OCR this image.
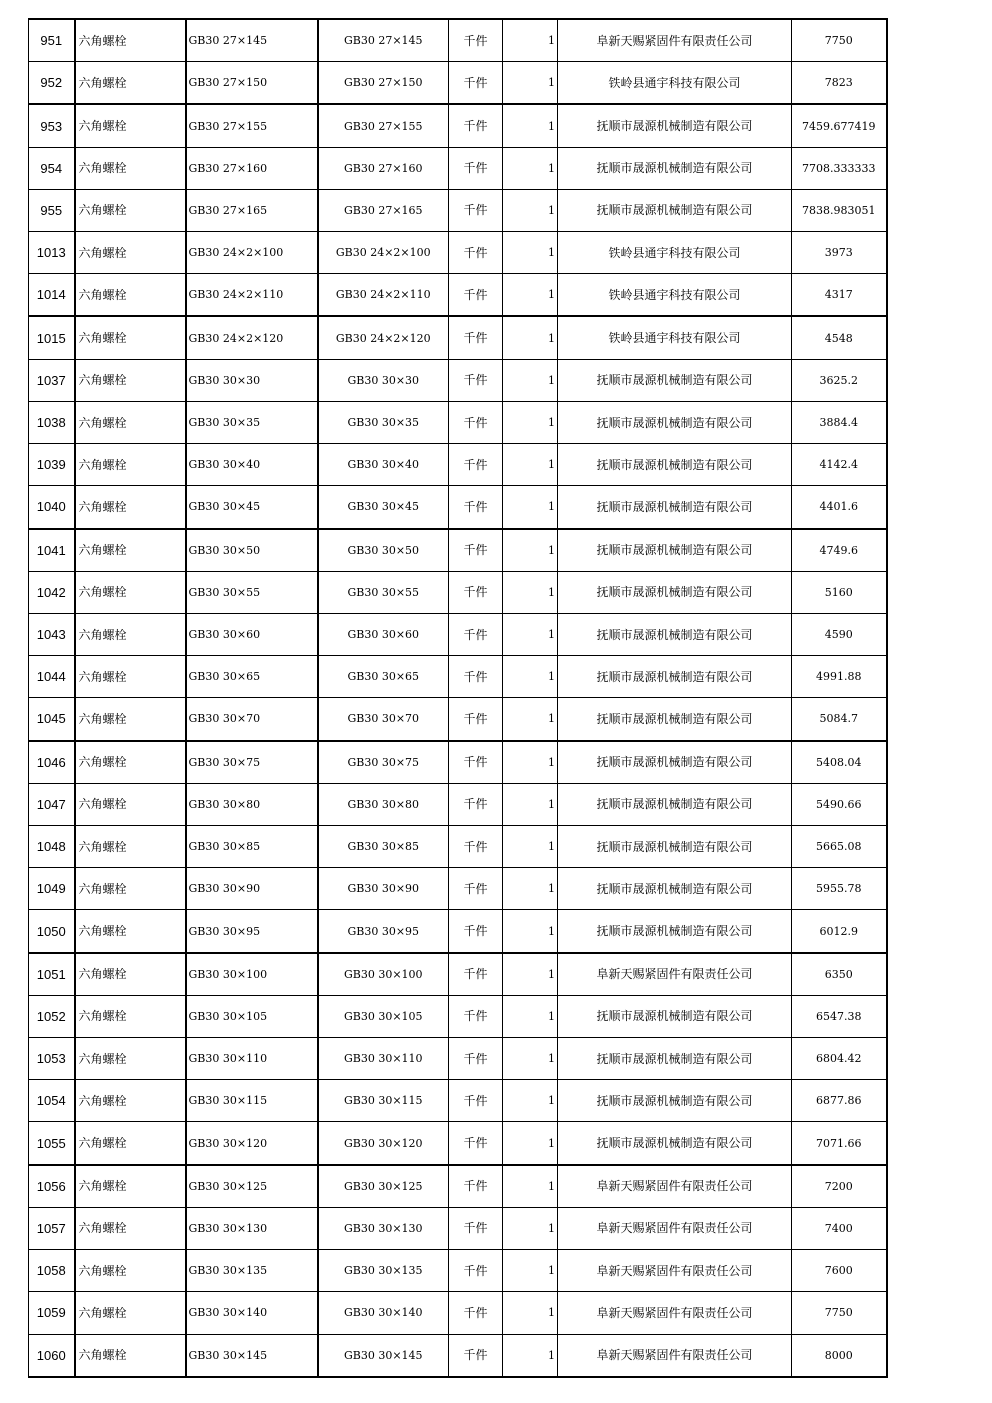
951	六角螺栓	GB30 27×145	GB30 27×145	千件	1	阜新天赐紧固件有限责任公司	7750
952	六角螺栓	GB30 27×150	GB30 27×150	千件	1	铁岭县通宇科技有限公司	7823
953	六角螺栓	GB30 27×155	GB30 27×155	千件	1	抚顺市晟源机械制造有限公司	7459.677419
954	六角螺栓	GB30 27×160	GB30 27×160	千件	1	抚顺市晟源机械制造有限公司	7708.333333
955	六角螺栓	GB30 27×165	GB30 27×165	千件	1	抚顺市晟源机械制造有限公司	7838.983051
1013	六角螺栓	GB30 24×2×100	GB30 24×2×100	千件	1	铁岭县通宇科技有限公司	3973
1014	六角螺栓	GB30 24×2×110	GB30 24×2×110	千件	1	铁岭县通宇科技有限公司	4317
1015	六角螺栓	GB30 24×2×120	GB30 24×2×120	千件	1	铁岭县通宇科技有限公司	4548
1037	六角螺栓	GB30 30×30	GB30 30×30	千件	1	抚顺市晟源机械制造有限公司	3625.2
1038	六角螺栓	GB30 30×35	GB30 30×35	千件	1	抚顺市晟源机械制造有限公司	3884.4
1039	六角螺栓	GB30 30×40	GB30 30×40	千件	1	抚顺市晟源机械制造有限公司	4142.4
1040	六角螺栓	GB30 30×45	GB30 30×45	千件	1	抚顺市晟源机械制造有限公司	4401.6
1041	六角螺栓	GB30 30×50	GB30 30×50	千件	1	抚顺市晟源机械制造有限公司	4749.6
1042	六角螺栓	GB30 30×55	GB30 30×55	千件	1	抚顺市晟源机械制造有限公司	5160
1043	六角螺栓	GB30 30×60	GB30 30×60	千件	1	抚顺市晟源机械制造有限公司	4590
1044	六角螺栓	GB30 30×65	GB30 30×65	千件	1	抚顺市晟源机械制造有限公司	4991.88
1045	六角螺栓	GB30 30×70	GB30 30×70	千件	1	抚顺市晟源机械制造有限公司	5084.7
1046	六角螺栓	GB30 30×75	GB30 30×75	千件	1	抚顺市晟源机械制造有限公司	5408.04
1047	六角螺栓	GB30 30×80	GB30 30×80	千件	1	抚顺市晟源机械制造有限公司	5490.66
1048	六角螺栓	GB30 30×85	GB30 30×85	千件	1	抚顺市晟源机械制造有限公司	5665.08
1049	六角螺栓	GB30 30×90	GB30 30×90	千件	1	抚顺市晟源机械制造有限公司	5955.78
1050	六角螺栓	GB30 30×95	GB30 30×95	千件	1	抚顺市晟源机械制造有限公司	6012.9
1051	六角螺栓	GB30 30×100	GB30 30×100	千件	1	阜新天赐紧固件有限责任公司	6350
1052	六角螺栓	GB30 30×105	GB30 30×105	千件	1	抚顺市晟源机械制造有限公司	6547.38
1053	六角螺栓	GB30 30×110	GB30 30×110	千件	1	抚顺市晟源机械制造有限公司	6804.42
1054	六角螺栓	GB30 30×115	GB30 30×115	千件	1	抚顺市晟源机械制造有限公司	6877.86
1055	六角螺栓	GB30 30×120	GB30 30×120	千件	1	抚顺市晟源机械制造有限公司	7071.66
1056	六角螺栓	GB30 30×125	GB30 30×125	千件	1	阜新天赐紧固件有限责任公司	7200
1057	六角螺栓	GB30 30×130	GB30 30×130	千件	1	阜新天赐紧固件有限责任公司	7400
1058	六角螺栓	GB30 30×135	GB30 30×135	千件	1	阜新天赐紧固件有限责任公司	7600
1059	六角螺栓	GB30 30×140	GB30 30×140	千件	1	阜新天赐紧固件有限责任公司	7750
1060	六角螺栓	GB30 30×145	GB30 30×145	千件	1	阜新天赐紧固件有限责任公司	8000
